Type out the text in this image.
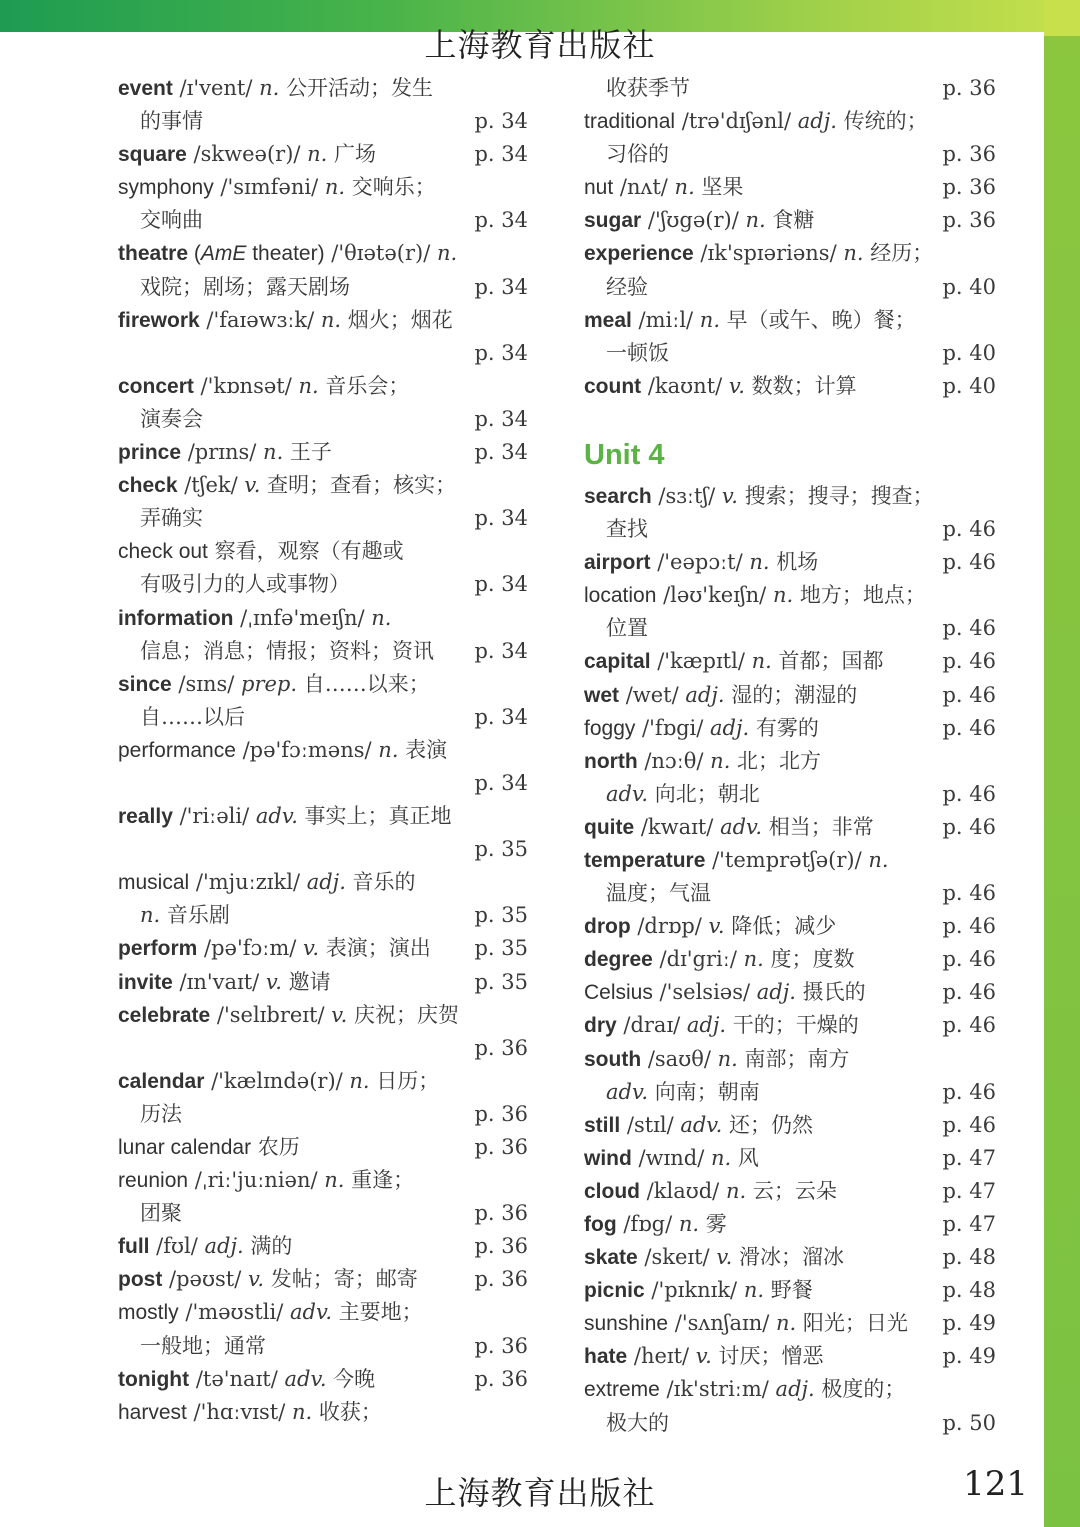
上海教育出版社
event /ɪ'vent/ n. 公开活动；发生
的事情	p. 34
square /skweə(r)/ n. 广场	p. 34
symphony /'sɪmfəni/ n. 交响乐；
交响曲	p. 34
theatre (AmE theater) /'θɪətə(r)/ n.
戏院；剧场；露天剧场	p. 34
firework /'faɪəwɜːk/ n. 烟火；烟花
p. 34
concert /'kɒnsət/ n. 音乐会；
演奏会	p. 34
prince /prɪns/ n. 王子	p. 34
check /tʃek/ v. 查明；查看；核实；
弄确实	p. 34
check out 察看，观察（有趣或
有吸引力的人或事物）	p. 34
information /ˌɪnfə'meɪʃn/ n.
信息；消息；情报；资料；资讯 p. 34
since /sɪns/ prep. 自……以来；
自……以后	p. 34
performance /pə'fɔːməns/ n. 表演
p. 34
really /'riːəli/ adv. 事实上；真正地
p. 35
musical /'mjuːzɪkl/ adj. 音乐的
n. 音乐剧	p. 35
perform /pə'fɔːm/ v. 表演；演出 p. 35
invite /ɪn'vaɪt/ v. 邀请	p. 35
celebrate /'selɪbreɪt/ v. 庆祝；庆贺
p. 36
calendar /'kælɪndə(r)/ n. 日历；
历法	p. 36
lunar calendar 农历	p. 36
reunion /ˌriː'juːniən/ n. 重逢；
团聚	p. 36
full /fʊl/ adj. 满的	p. 36
post /pəʊst/ v. 发帖；寄；邮寄	p. 36
mostly /'məʊstli/ adv. 主要地；
一般地；通常	p. 36
tonight /tə'naɪt/ adv. 今晚	p. 36
harvest /'hɑːvɪst/ n. 收获；
收获季节	p. 36
traditional /trə'dɪʃənl/ adj. 传统的；
习俗的	p. 36
nut /nʌt/ n. 坚果	p. 36
sugar /'ʃʊgə(r)/ n. 食糖	p. 36
experience /ɪk'spɪəriəns/ n. 经历；
经验	p. 40
meal /miːl/ n. 早（或午、晚）餐；
一顿饭	p. 40
count /kaʊnt/ v. 数数；计算	p. 40
Unit 4
search /sɜːtʃ/ v. 搜索；搜寻；搜查；
查找	p. 46
airport /'eəpɔːt/ n. 机场	p. 46
location /ləʊ'keɪʃn/ n. 地方；地点；
位置	p. 46
capital /'kæpɪtl/ n. 首都；国都	p. 46
wet /wet/ adj. 湿的；潮湿的	p. 46
foggy /'fɒgi/ adj. 有雾的	p. 46
north /nɔːθ/ n. 北；北方
adv. 向北；朝北	p. 46
quite /kwaɪt/ adv. 相当；非常	p. 46
temperature /'temprətʃə(r)/ n.
温度；气温	p. 46
drop /drɒp/ v. 降低；减少	p. 46
degree /dɪ'griː/ n. 度；度数	p. 46
Celsius /'selsiəs/ adj. 摄氏的	p. 46
dry /draɪ/ adj. 干的；干燥的	p. 46
south /saʊθ/ n. 南部；南方
adv. 向南；朝南	p. 46
still /stɪl/ adv. 还；仍然	p. 46
wind /wɪnd/ n. 风	p. 47
cloud /klaʊd/ n. 云；云朵	p. 47
fog /fɒg/ n. 雾	p. 47
skate /skeɪt/ v. 滑冰；溜冰	p. 48
picnic /'pɪknɪk/ n. 野餐	p. 48
sunshine /'sʌnʃaɪn/ n. 阳光；日光 p. 49
hate /heɪt/ v. 讨厌；憎恶	p. 49
extreme /ɪk'striːm/ adj. 极度的；
极大的	p. 50
上海教育出版社	121
